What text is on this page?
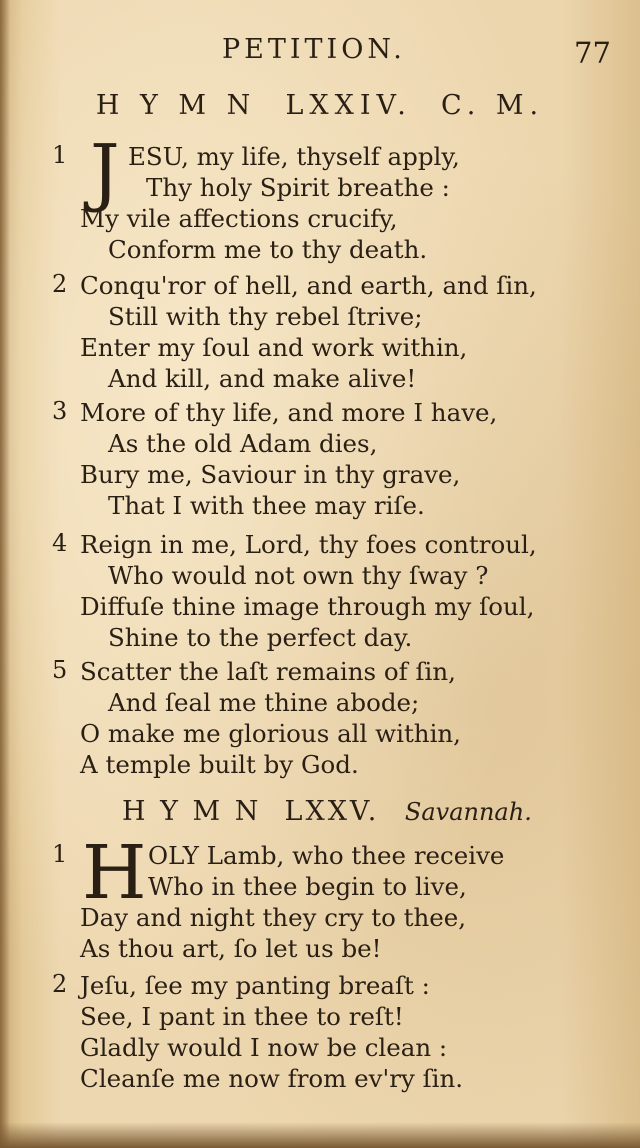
PETITION.	77
H Y M N  LXXIV.  C. M.
1 J ESU, my life, thyself apply,
Thy holy Spirit breathe :
My vile affections crucify,
Conform me to thy death.
2 Conqu'ror of hell, and earth, and ſin,
Still with thy rebel ſtrive;
Enter my ſoul and work within,
And kill, and make alive!
3 More of thy life, and more I have,
As the old Adam dies,
Bury me, Saviour in thy grave,
That I with thee may riſe.
4 Reign in me, Lord, thy foes controul,
Who would not own thy ſway ?
Diffuſe thine image through my ſoul,
Shine to the perfect day.
5 Scatter the laſt remains of ſin,
And ſeal me thine abode;
O make me glorious all within,
A temple built by God.
H Y M N  LXXV. Savannah.
1 H OLY Lamb, who thee receive
Who in thee begin to live,
Day and night they cry to thee,
As thou art, ſo let us be!
2 Jeſu, ſee my panting breaſt :
See, I pant in thee to reſt!
Gladly would I now be clean :
Cleanſe me now from ev'ry ſin.
